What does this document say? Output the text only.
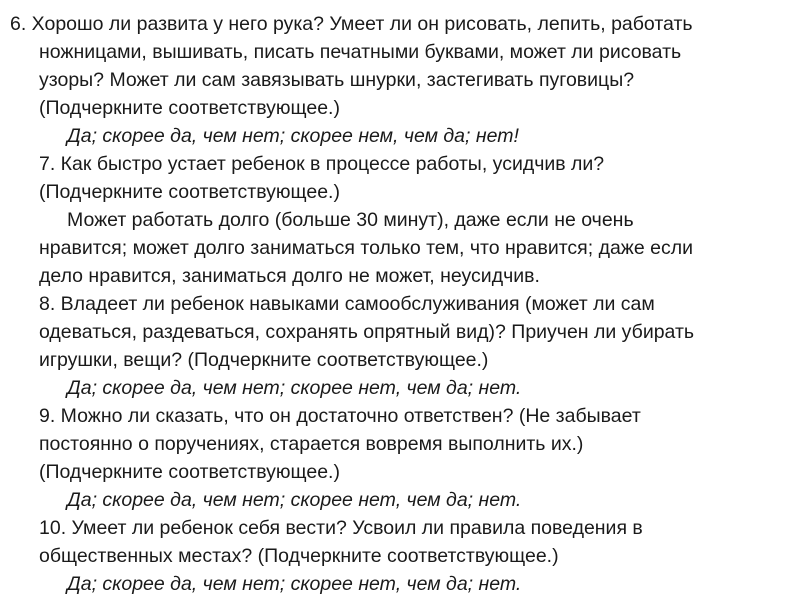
6. Хорошо ли развита у него рука? Умеет ли он рисовать, лепить, работать
ножницами, вышивать, писать печатными буквами, может ли рисовать
узоры? Может ли сам завязывать шнурки, застегивать пуговицы?
(Подчеркните соответствующее.)
Да; скорее да, чем нет; скорее нем, чем да; нет!
7. Как быстро устает ребенок в процессе работы, усидчив ли?
(Подчеркните соответствующее.)
Может работать долго (больше 30 минут), даже если не очень
нравится; может долго заниматься только тем, что нравится; даже если
дело нравится, заниматься долго не может, неусидчив.
8. Владеет ли ребенок навыками самообслуживания (может ли сам
одеваться, раздеваться, сохранять опрятный вид)? Приучен ли убирать
игрушки, вещи? (Подчеркните соответствующее.)
Да; скорее да, чем нет; скорее нет, чем да; нет.
9. Можно ли сказать, что он достаточно ответствен? (Не забывает
постоянно о поручениях, старается вовремя выполнить их.)
(Подчеркните соответствующее.)
Да; скорее да, чем нет; скорее нет, чем да; нет.
10. Умеет ли ребенок себя вести? Усвоил ли правила поведения в
общественных местах? (Подчеркните соответствующее.)
Да; скорее да, чем нет; скорее нет, чем да; нет.
